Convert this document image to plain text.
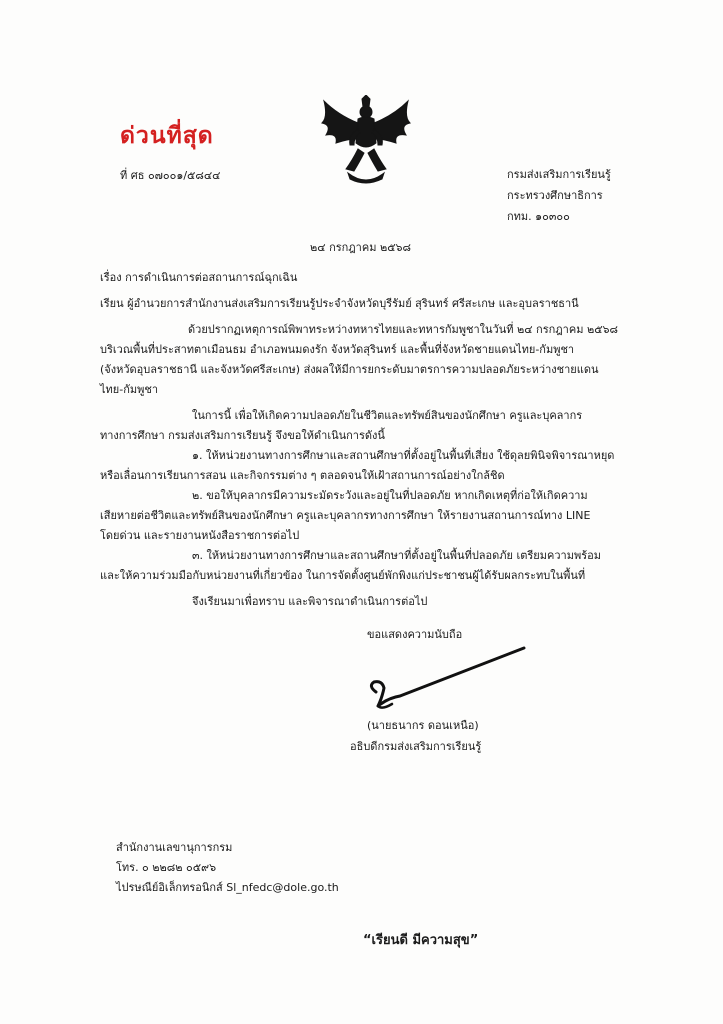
ด่วนที่สุด
ที่ ศธ ๐๗๐๐๑/๕๘๔๔	กรมส่งเสริมการเรียนรู้
กระทรวงศึกษาธิการ
กทม. ๑๐๓๐๐
๒๔ กรกฎาคม ๒๕๖๘
เรื่อง การดำเนินการต่อสถานการณ์ฉุกเฉิน
เรียน ผู้อำนวยการสำนักงานส่งเสริมการเรียนรู้ประจำจังหวัดบุรีรัมย์ สุรินทร์ ศรีสะเกษ และอุบลราชธานี
ด้วยปรากฏเหตุการณ์พิพาทระหว่างทหารไทยและทหารกัมพูชาในวันที่ ๒๔ กรกฎาคม ๒๕๖๘
บริเวณพื้นที่ประสาทตาเมือนธม อำเภอพนมดงรัก จังหวัดสุรินทร์ และพื้นที่จังหวัดชายแดนไทย-กัมพูชา
(จังหวัดอุบลราชธานี และจังหวัดศรีสะเกษ) ส่งผลให้มีการยกระดับมาตรการความปลอดภัยระหว่างชายแดน
ไทย-กัมพูชา
ในการนี้ เพื่อให้เกิดความปลอดภัยในชีวิตและทรัพย์สินของนักศึกษา ครูและบุคลากร
ทางการศึกษา กรมส่งเสริมการเรียนรู้ จึงขอให้ดำเนินการดังนี้
๑. ให้หน่วยงานทางการศึกษาและสถานศึกษาที่ตั้งอยู่ในพื้นที่เสี่ยง ใช้ดุลยพินิจพิจารณาหยุด
หรือเลื่อนการเรียนการสอน และกิจกรรมต่าง ๆ ตลอดจนให้เฝ้าสถานการณ์อย่างใกล้ชิด
๒. ขอให้บุคลากรมีความระมัดระวังและอยู่ในที่ปลอดภัย หากเกิดเหตุที่ก่อให้เกิดความ
เสียหายต่อชีวิตและทรัพย์สินของนักศึกษา ครูและบุคลากรทางการศึกษา ให้รายงานสถานการณ์ทาง LINE
โดยด่วน และรายงานหนังสือราชการต่อไป
๓. ให้หน่วยงานทางการศึกษาและสถานศึกษาที่ตั้งอยู่ในพื้นที่ปลอดภัย เตรียมความพร้อม
และให้ความร่วมมือกับหน่วยงานที่เกี่ยวข้อง ในการจัดตั้งศูนย์พักพิงแก่ประชาชนผู้ได้รับผลกระทบในพื้นที่
จึงเรียนมาเพื่อทราบ และพิจารณาดำเนินการต่อไป
ขอแสดงความนับถือ
(นายธนากร ดอนเหนือ)
อธิบดีกรมส่งเสริมการเรียนรู้
สำนักงานเลขานุการกรม
โทร. ๐ ๒๒๘๒ ๐๕๙๖
ไปรษณีย์อิเล็กทรอนิกส์ Sl_nfedc@dole.go.th
“เรียนดี มีความสุข”
